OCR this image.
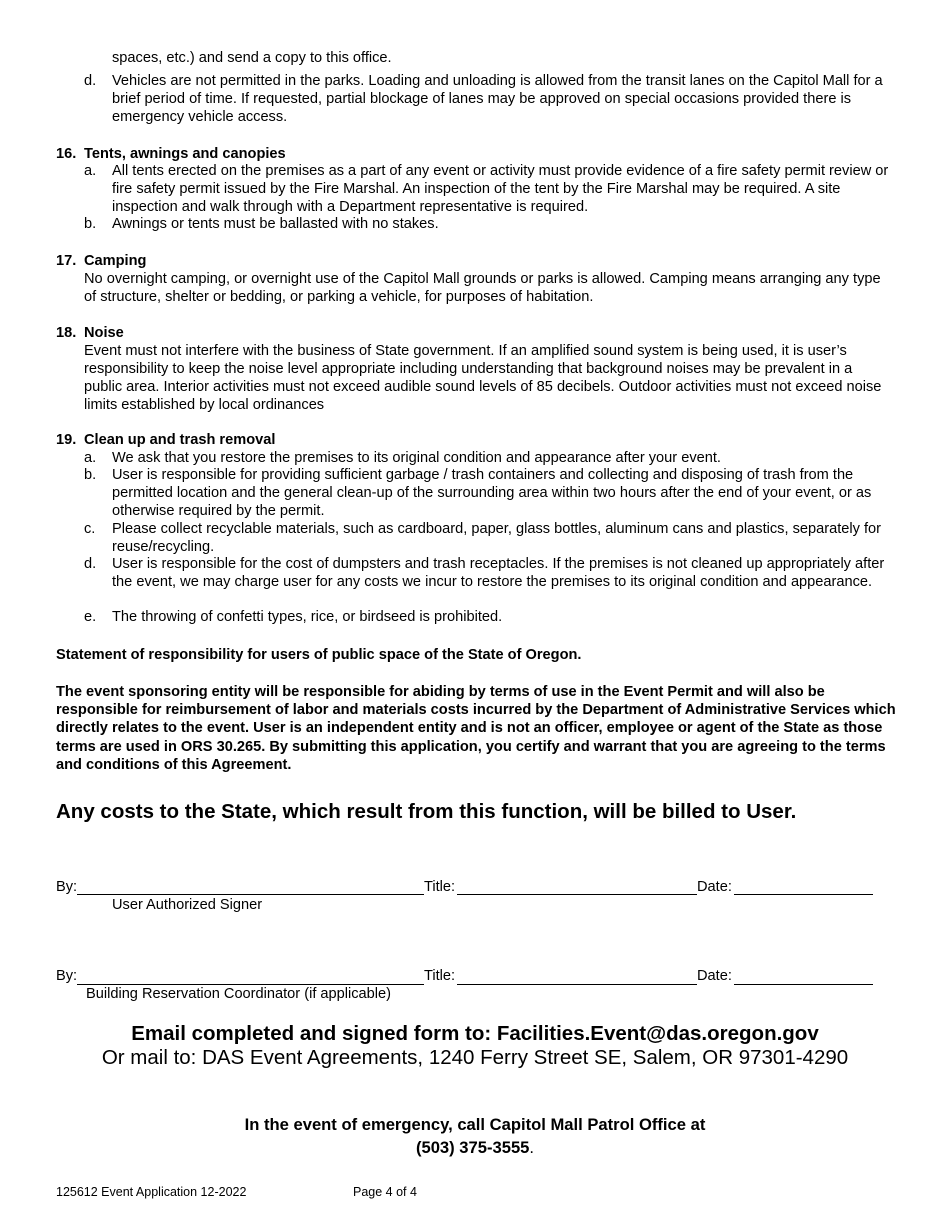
spaces, etc.) and send a copy to this office.
d. Vehicles are not permitted in the parks. Loading and unloading is allowed from the transit lanes on the Capitol Mall for a brief period of time. If requested, partial blockage of lanes may be approved on special occasions provided there is emergency vehicle access.
16. Tents, awnings and canopies
a. All tents erected on the premises as a part of any event or activity must provide evidence of a fire safety permit review or fire safety permit issued by the Fire Marshal. An inspection of the tent by the Fire Marshal may be required. A site inspection and walk through with a Department representative is required.
b. Awnings or tents must be ballasted with no stakes.
17. Camping
No overnight camping, or overnight use of the Capitol Mall grounds or parks is allowed. Camping means arranging any type of structure, shelter or bedding, or parking a vehicle, for purposes of habitation.
18. Noise
Event must not interfere with the business of State government. If an amplified sound system is being used, it is user’s responsibility to keep the noise level appropriate including understanding that background noises may be prevalent in a public area. Interior activities must not exceed audible sound levels of 85 decibels. Outdoor activities must not exceed noise limits established by local ordinances
19. Clean up and trash removal
a. We ask that you restore the premises to its original condition and appearance after your event.
b. User is responsible for providing sufficient garbage / trash containers and collecting and disposing of trash from the permitted location and the general clean-up of the surrounding area within two hours after the end of your event, or as otherwise required by the permit.
c. Please collect recyclable materials, such as cardboard, paper, glass bottles, aluminum cans and plastics, separately for reuse/recycling.
d. User is responsible for the cost of dumpsters and trash receptacles. If the premises is not cleaned up appropriately after the event, we may charge user for any costs we incur to restore the premises to its original condition and appearance.
e. The throwing of confetti types, rice, or birdseed is prohibited.
Statement of responsibility for users of public space of the State of Oregon.
The event sponsoring entity will be responsible for abiding by terms of use in the Event Permit and will also be responsible for reimbursement of labor and materials costs incurred by the Department of Administrative Services which directly relates to the event. User is an independent entity and is not an officer, employee or agent of the State as those terms are used in ORS 30.265. By submitting this application, you certify and warrant that you are agreeing to the terms and conditions of this Agreement.
Any costs to the State, which result from this function, will be billed to User.
By:	Title:	Date:
User Authorized Signer
By:	Title:	Date:
Building Reservation Coordinator (if applicable)
Email completed and signed form to: Facilities.Event@das.oregon.gov
Or mail to: DAS Event Agreements, 1240 Ferry Street SE, Salem, OR 97301-4290
In the event of emergency, call Capitol Mall Patrol Office at
(503) 375-3555.
125612 Event Application 12-2022	Page 4 of 4
